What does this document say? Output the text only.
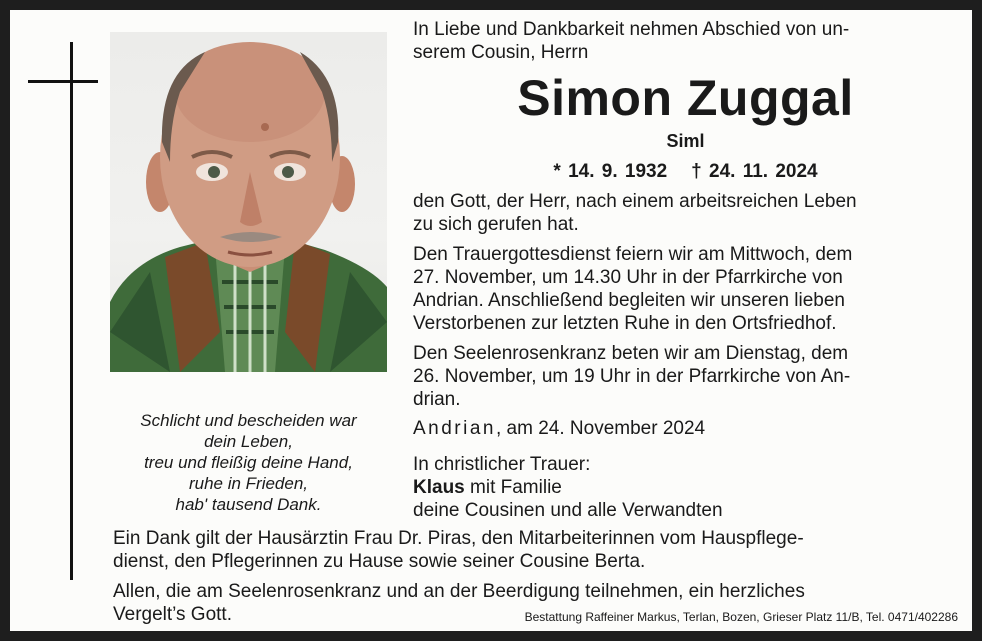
Schlicht und bescheiden war
dein Leben,
treu und fleißig deine Hand,
ruhe in Frieden,
hab' tausend Dank.
In Liebe und Dankbarkeit nehmen Abschied von un-
serem Cousin, Herrn
Simon Zuggal
Siml
* 14. 9. 1932 † 24. 11. 2024
den Gott, der Herr, nach einem arbeitsreichen Leben
zu sich gerufen hat.
Den Trauergottesdienst feiern wir am Mittwoch, dem
27. November, um 14.30 Uhr in der Pfarrkirche von
Andrian. Anschließend begleiten wir unseren lieben
Verstorbenen zur letzten Ruhe in den Ortsfriedhof.
Den Seelenrosenkranz beten wir am Dienstag, dem
26. November, um 19 Uhr in der Pfarrkirche von An-
drian.
Andrian, am 24. November 2024
In christlicher Trauer:
Klaus mit Familie
deine Cousinen und alle Verwandten
Ein Dank gilt der Hausärztin Frau Dr. Piras, den Mitarbeiterinnen vom Hauspflege-
dienst, den Pflegerinnen zu Hause sowie seiner Cousine Berta.
Allen, die am Seelenrosenkranz und an der Beerdigung teilnehmen, ein herzliches
Vergelt’s Gott.	Bestattung Raffeiner Markus, Terlan, Bozen, Grieser Platz 11/B, Tel. 0471/402286
